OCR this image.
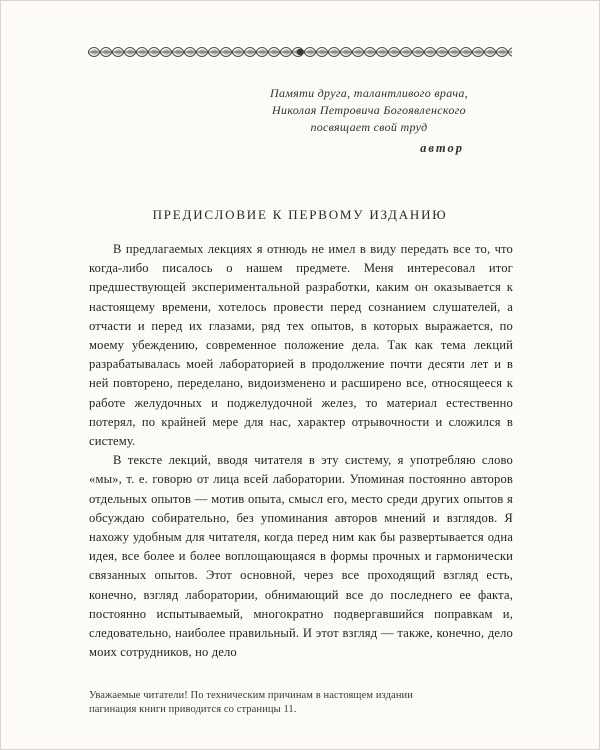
Памяти друга, талантливого врача,
Николая Петровича Богоявленского
посвящает свой труд
автор
ПРЕДИСЛОВИЕ К ПЕРВОМУ ИЗДАНИЮ

В предлагаемых лекциях я отнюдь не имел в виду передать все то, что когда-либо писалось о нашем предмете. Меня интересовал итог предшествующей экспериментальной разработки, каким он оказывается к настоящему времени, хотелось провести перед сознанием слушателей, а отчасти и перед их глазами, ряд тех опытов, в которых выражается, по моему убеждению, современное положение дела. Так как тема лекций разрабатывалась моей лабораторией в продолжение почти десяти лет и в ней повторено, переделано, видоизменено и расширено все, относящееся к работе желудочных и поджелудочной желез, то материал естественно потерял, по крайней мере для нас, характер отрывочности и сложился в систему.

В тексте лекций, вводя читателя в эту систему, я употребляю слово «мы», т. е. говорю от лица всей лаборатории. Упоминая постоянно авторов отдельных опытов — мотив опыта, смысл его, место среди других опытов я обсуждаю собирательно, без упоминания авторов мнений и взглядов. Я нахожу удобным для читателя, когда перед ним как бы развертывается одна идея, все более и более воплощающаяся в формы прочных и гармонически связанных опытов. Этот основной, через все проходящий взгляд есть, конечно, взгляд лаборатории, обнимающий все до последнего ее факта, постоянно испытываемый, многократно подвергавшийся поправкам и, следовательно, наиболее правильный. И этот взгляд — также, конечно, дело моих сотрудников, но дело

Уважаемые читатели! По техническим причинам в настоящем издании
пагинация книги приводится со страницы 11.
